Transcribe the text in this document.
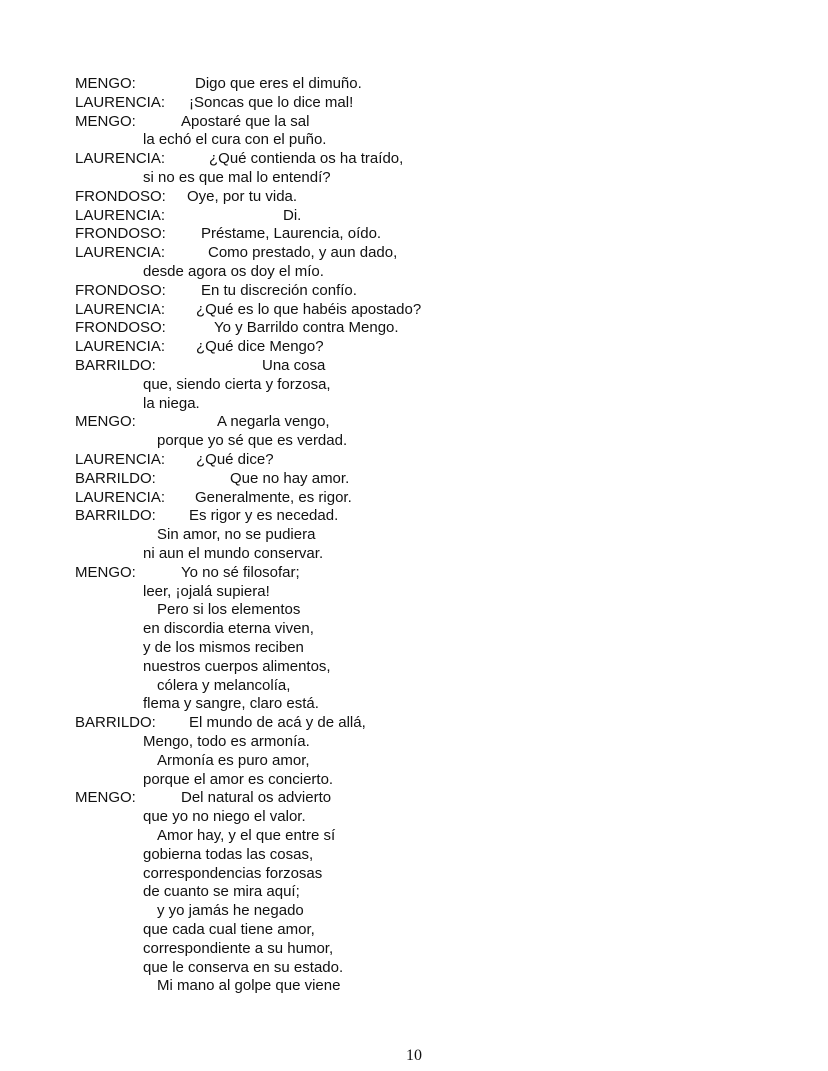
MENGO:	Digo que eres el dimuño.
LAURENCIA: ¡Soncas que lo dice mal!
MENGO:	Apostaré que la sal
la echó el cura con el puño.
LAURENCIA:	¿Qué contienda os ha traído,
si no es que mal lo entendí?
FRONDOSO: Oye, por tu vida.
LAURENCIA:	Di.
FRONDOSO: Préstame, Laurencia, oído.
LAURENCIA:	Como prestado, y aun dado,
desde agora os doy el mío.
FRONDOSO: En tu discreción confío.
LAURENCIA: ¿Qué es lo que habéis apostado?
FRONDOSO:	Yo y Barrildo contra Mengo.
LAURENCIA: ¿Qué dice Mengo?
BARRILDO:	Una cosa
que, siendo cierta y forzosa,
la niega.
MENGO:	A negarla vengo,
porque yo sé que es verdad.
LAURENCIA: ¿Qué dice?
BARRILDO:	Que no hay amor.
LAURENCIA: Generalmente, es rigor.
BARRILDO: Es rigor y es necedad.
Sin amor, no se pudiera
ni aun el mundo conservar.
MENGO:	Yo no sé filosofar;
leer, ¡ojalá supiera!
Pero si los elementos
en discordia eterna viven,
y de los mismos reciben
nuestros cuerpos alimentos,
cólera y melancolía,
flema y sangre, claro está.
BARRILDO: El mundo de acá y de allá,
Mengo, todo es armonía.
Armonía es puro amor,
porque el amor es concierto.
MENGO:	Del natural os advierto
que yo no niego el valor.
Amor hay, y el que entre sí
gobierna todas las cosas,
correspondencias forzosas
de cuanto se mira aquí;
y yo jamás he negado
que cada cual tiene amor,
correspondiente a su humor,
que le conserva en su estado.
Mi mano al golpe que viene
10
